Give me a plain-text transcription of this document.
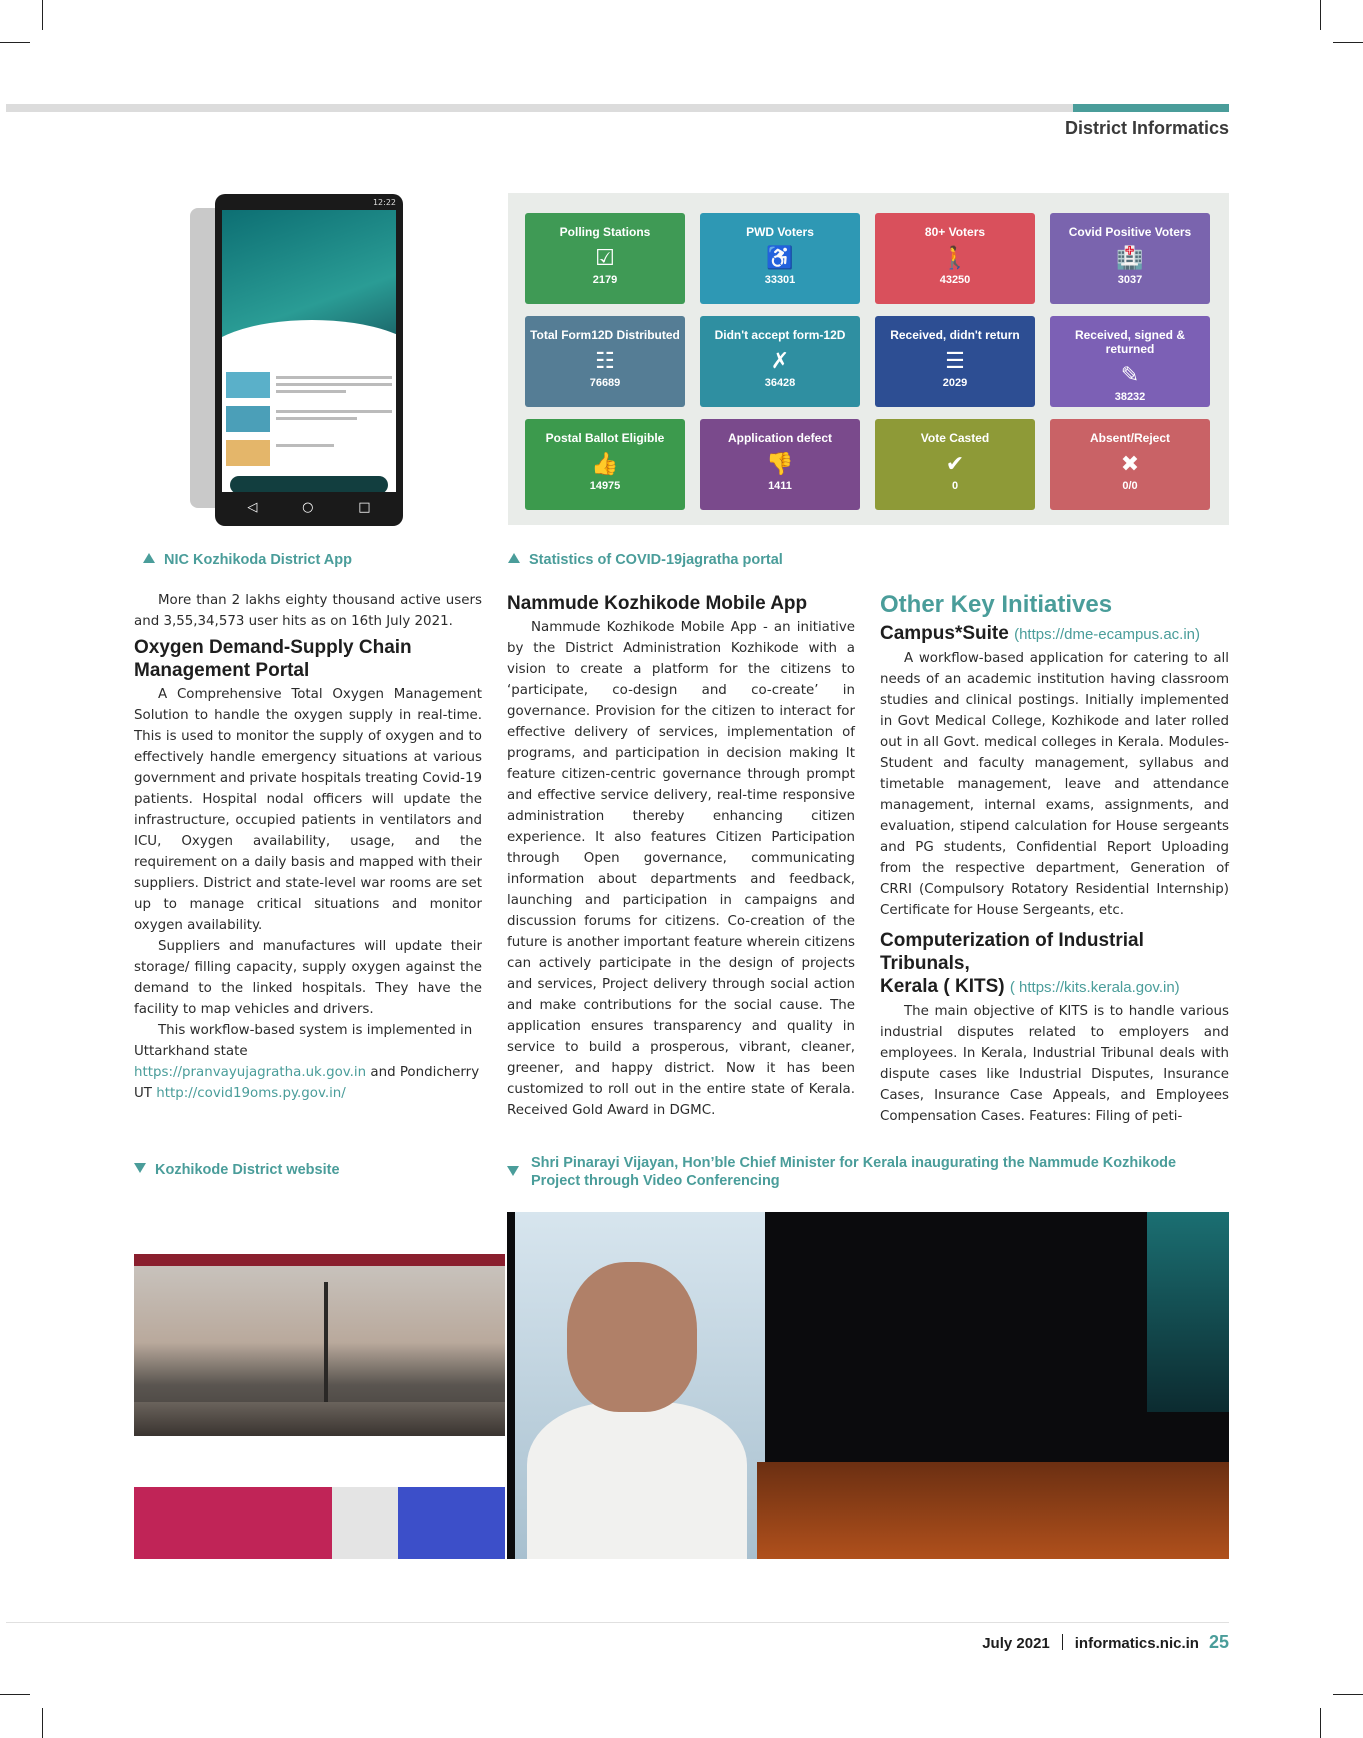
District Informatics
12:22
◁	○	□
Polling Stations
☑
2179
PWD Voters
♿
33301
80+ Voters
🚶
43250
Covid Positive Voters
🏥
3037
Total Form12D Distributed
☷
76689
Didn't accept form-12D
✗
36428
Received, didn't return
☰
2029
Received, signed & returned
✎
38232
Postal Ballot Eligible
👍
14975
Application defect
👎
1411
Vote Casted
✔
0
Absent/Reject
✖
0/0
NIC Kozhikoda District App	Statistics of COVID-19jagratha portal

More than 2 lakhs eighty thousand active users and 3,55,34,573 user hits as on 16th July 2021.

Oxygen Demand-Supply Chain Management Portal

A Comprehensive Total Oxygen Management Solution to handle the oxygen supply in real-time. This is used to monitor the supply of oxygen and to effectively handle emergency situations at various government and private hospitals treating Covid-19 patients. Hospital nodal officers will update the infrastructure, occupied patients in ventilators and ICU, Oxygen availability, usage, and the requirement on a daily basis and mapped with their suppliers. District and state-level war rooms are set up to manage critical situations and monitor oxygen availability.

Suppliers and manufactures will update their storage/ filling capacity, supply oxygen against the demand to the linked hospitals. They have the facility to map vehicles and drivers.

This workflow-based system is implemented in Uttarkhand state https://pranvayujagratha.uk.gov.in and Pondicherry UT http://covid19oms.py.gov.in/

Nammude Kozhikode Mobile App

Nammude Kozhikode Mobile App - an initiative by the District Administration Kozhikode with a vision to create a platform for the citizens to ‘participate, co-design and co-create’ in governance. Provision for the citizen to interact for effective delivery of services, implementation of programs, and participation in decision making It feature citizen-centric governance through prompt and effective service delivery, real-time responsive administration thereby enhancing citizen experience. It also features Citizen Participation through Open governance, communicating information about departments and feedback, launching and participation in campaigns and discussion forums for citizens. Co-creation of the future is another important feature wherein citizens can actively participate in the design of projects and services, Project delivery through social action and make contributions for the social cause. The application ensures transparency and quality in service to build a prosperous, vibrant, cleaner, greener, and happy district. Now it has been customized to roll out in the entire state of Kerala. Received Gold Award in DGMC.

Other Key Initiatives
Campus*Suite (https://dme-ecampus.ac.in)

A workflow-based application for catering to all needs of an academic institution having classroom studies and clinical postings. Initially implemented in Govt Medical College, Kozhikode and later rolled out in all Govt. medical colleges in Kerala. Modules-Student and faculty management, syllabus and timetable management, leave and attendance management, internal exams, assignments, and evaluation, stipend calculation for House sergeants and PG students, Confidential Report Uploading from the respective department, Generation of CRRI (Compulsory Rotatory Residential Internship) Certificate for House Sergeants, etc.

Computerization of Industrial Tribunals,
Kerala ( KITS) ( https://kits.kerala.gov.in)

The main objective of KITS is to handle various industrial disputes related to employers and employees. In Kerala, Industrial Tribunal deals with dispute cases like Industrial Disputes, Insurance Cases, Insurance Case Appeals, and Employees Compensation Cases. Features: Filing of peti-

Kozhikode District website	Shri Pinarayi Vijayan, Hon’ble Chief Minister for Kerala inaugurating the Nammude Kozhikode
Project through Video Conferencing
July 2021 informatics.nic.in 25
